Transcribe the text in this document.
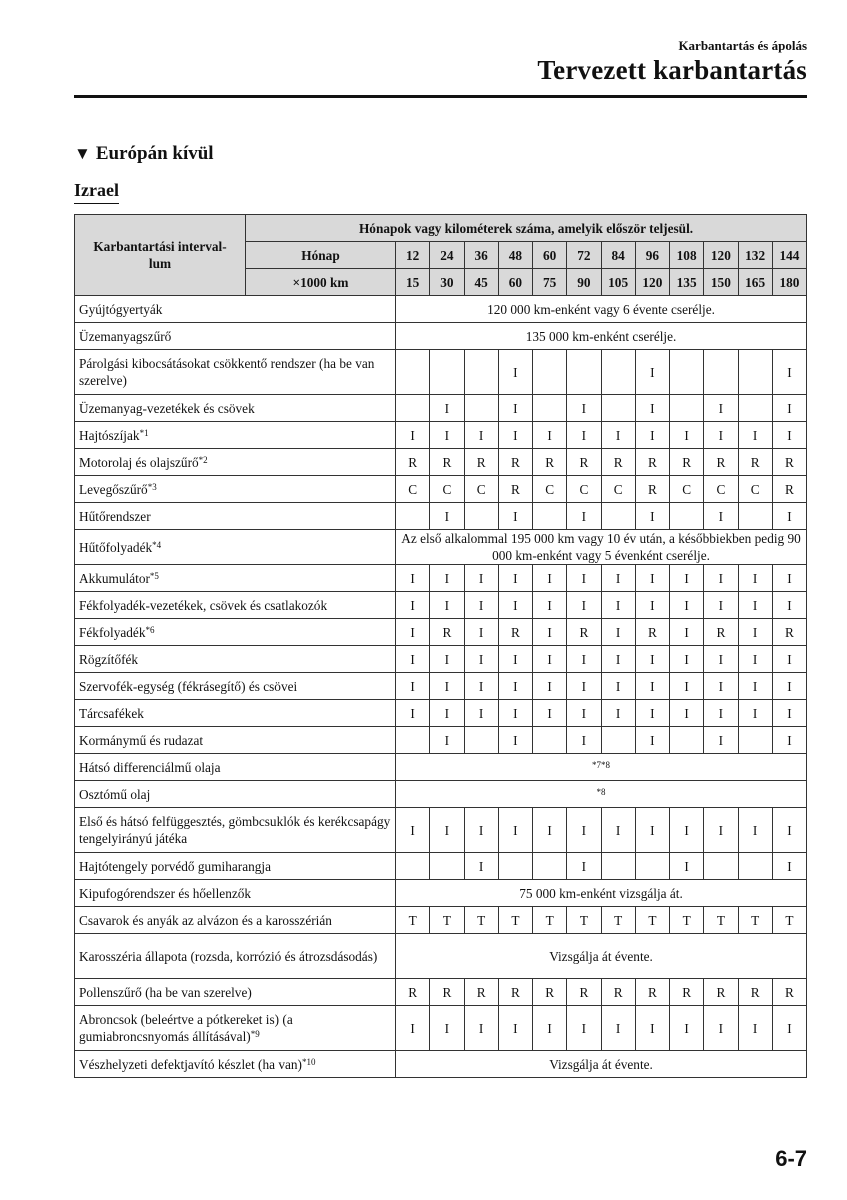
Karbantartás és ápolás
Tervezett karbantartás
▼ Európán kívül
Izrael
Karbantartási interval-lum	Hónapok vagy kilométerek száma, amelyik először teljesül.												
	Hónap	12	24	36	48	60	72	84	96	108	120	132	144
	×1000 km	15	30	45	60	75	90	105	120	135	150	165	180
Gyújtógyertyák		120 000 km-enként vagy 6 évente cserélje.											
Üzemanyagszűrő		135 000 km-enként cserélje.											
Párolgási kibocsátásokat csökkentő rendszer (ha be van szerelve)					I				I				I
Üzemanyag-vezetékek és csövek			I		I		I		I		I		I
Hajtószíjak$^{*1}$		I	I	I	I	I	I	I	I	I	I	I	I
Motorolaj és olajszűrő$^{*2}$		R	R	R	R	R	R	R	R	R	R	R	R
Levegőszűrő$^{*3}$		C	C	C	R	C	C	C	R	C	C	C	R
Hűtőrendszer			I		I		I		I		I		I
Hűtőfolyadék$^{*4}$		Az első alkalommal 195 000 km vagy 10 év után, a későbbiekben pedig 90 000 km-enként vagy 5 évenként cserélje.											
Akkumulátor$^{*5}$		I	I	I	I	I	I	I	I	I	I	I	I
Fékfolyadék-vezetékek, csövek és csatlakozók		I	I	I	I	I	I	I	I	I	I	I	I
Fékfolyadék$^{*6}$		I	R	I	R	I	R	I	R	I	R	I	R
Rögzítőfék		I	I	I	I	I	I	I	I	I	I	I	I
Szervofék-egység (fékrásegítő) és csövei		I	I	I	I	I	I	I	I	I	I	I	I
Tárcsafékek		I	I	I	I	I	I	I	I	I	I	I	I
Kormánymű és rudazat			I		I		I		I		I		I
Hátsó differenciálmű olaja		$^{*7*8}$
Osztómű olaj		$^{*8}$
Első és hátsó felfüggesztés, gömbcsuklók és kerékcsapágy tengelyirányú játéka		I	I	I	I	I	I	I	I	I	I	I	I
Hajtótengely porvédő gumiharangja				I			I			I			I
Kipufogórendszer és hőellenzők		75 000 km-enként vizsgálja át.											
Csavarok és anyák az alvázon és a karosszérián		T	T	T	T	T	T	T	T	T	T	T	T
Karosszéria állapota (rozsda, korrózió és átrozsdásodás)		Vizsgálja át évente.											
Pollenszűrő (ha be van szerelve)		R	R	R	R	R	R	R	R	R	R	R	R
Abroncsok (beleértve a pótkereket is) (a gumiabroncsnyomás állításával)$^{*9}$		I	I	I	I	I	I	I	I	I	I	I	I
Vészhelyzeti defektjavító készlet (ha van)$^{*10}$		Vizsgálja át évente.											
6-7
